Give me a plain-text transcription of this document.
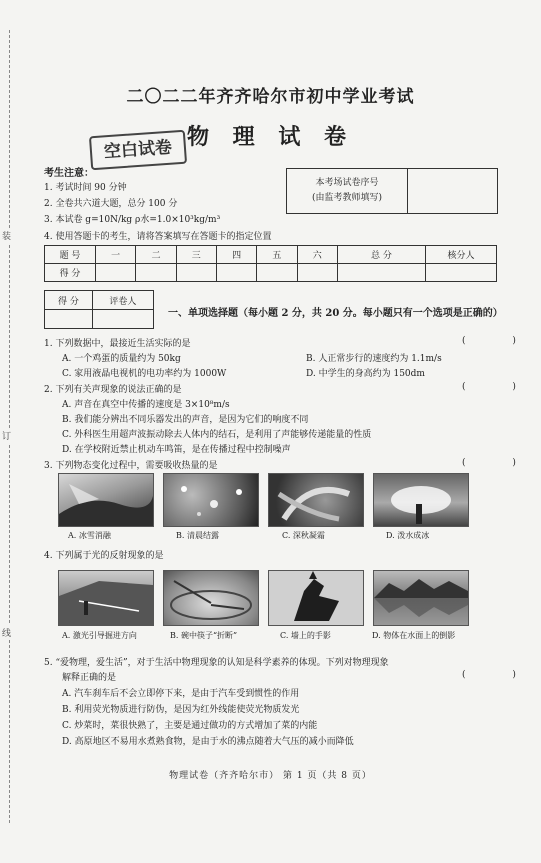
装
订
线
二〇二二年齐齐哈尔市初中学业考试
物 理 试 卷
空白试卷
考生注意：
1. 考试时间 90 分钟
2. 全卷共六道大题，总分 100 分
3. 本试卷 g=10N/kg ρ水=1.0×10³kg/m³
4. 使用答题卡的考生，请将答案填写在答题卡的指定位置
本考场试卷序号
(由监考教师填写)
题 号	一	二	三	四	五	六	总 分	核分人
得 分								
得 分	评卷人

一、单项选择题（每小题 2 分，共 20 分。每小题只有一个选项是正确的）
1. 下列数据中，最接近生活实际的是	( )
A. 一个鸡蛋的质量约为 50kg	B. 人正常步行的速度约为 1.1m/s
C. 家用液晶电视机的电功率约为 1000W	D. 中学生的身高约为 150dm
2. 下列有关声现象的说法正确的是	( )
A. 声音在真空中传播的速度是 3×10⁸m/s
B. 我们能分辨出不同乐器发出的声音，是因为它们的响度不同
C. 外科医生用超声波振动除去人体内的结石，是利用了声能够传递能量的性质
D. 在学校附近禁止机动车鸣笛，是在传播过程中控制噪声
3. 下列物态变化过程中，需要吸收热量的是	( )
A. 冰雪消融	B. 清晨结露	C. 深秋凝霜	D. 泼水成冰
4. 下列属于光的反射现象的是
A. 激光引导掘进方向	B. 碗中筷子“折断”	C. 墙上的手影	D. 物体在水面上的倒影
5. “爱物理，爱生活”，对于生活中物理现象的认知是科学素养的体现。下列对物理现象
解释正确的是	( )
A. 汽车刹车后不会立即停下来，是由于汽车受到惯性的作用
B. 利用荧光物质进行防伪，是因为红外线能使荧光物质发光
C. 炒菜时，菜很快熟了，主要是通过做功的方式增加了菜的内能
D. 高原地区不易用水煮熟食物，是由于水的沸点随着大气压的减小而降低
物理试卷（齐齐哈尔市） 第 1 页（共 8 页）
